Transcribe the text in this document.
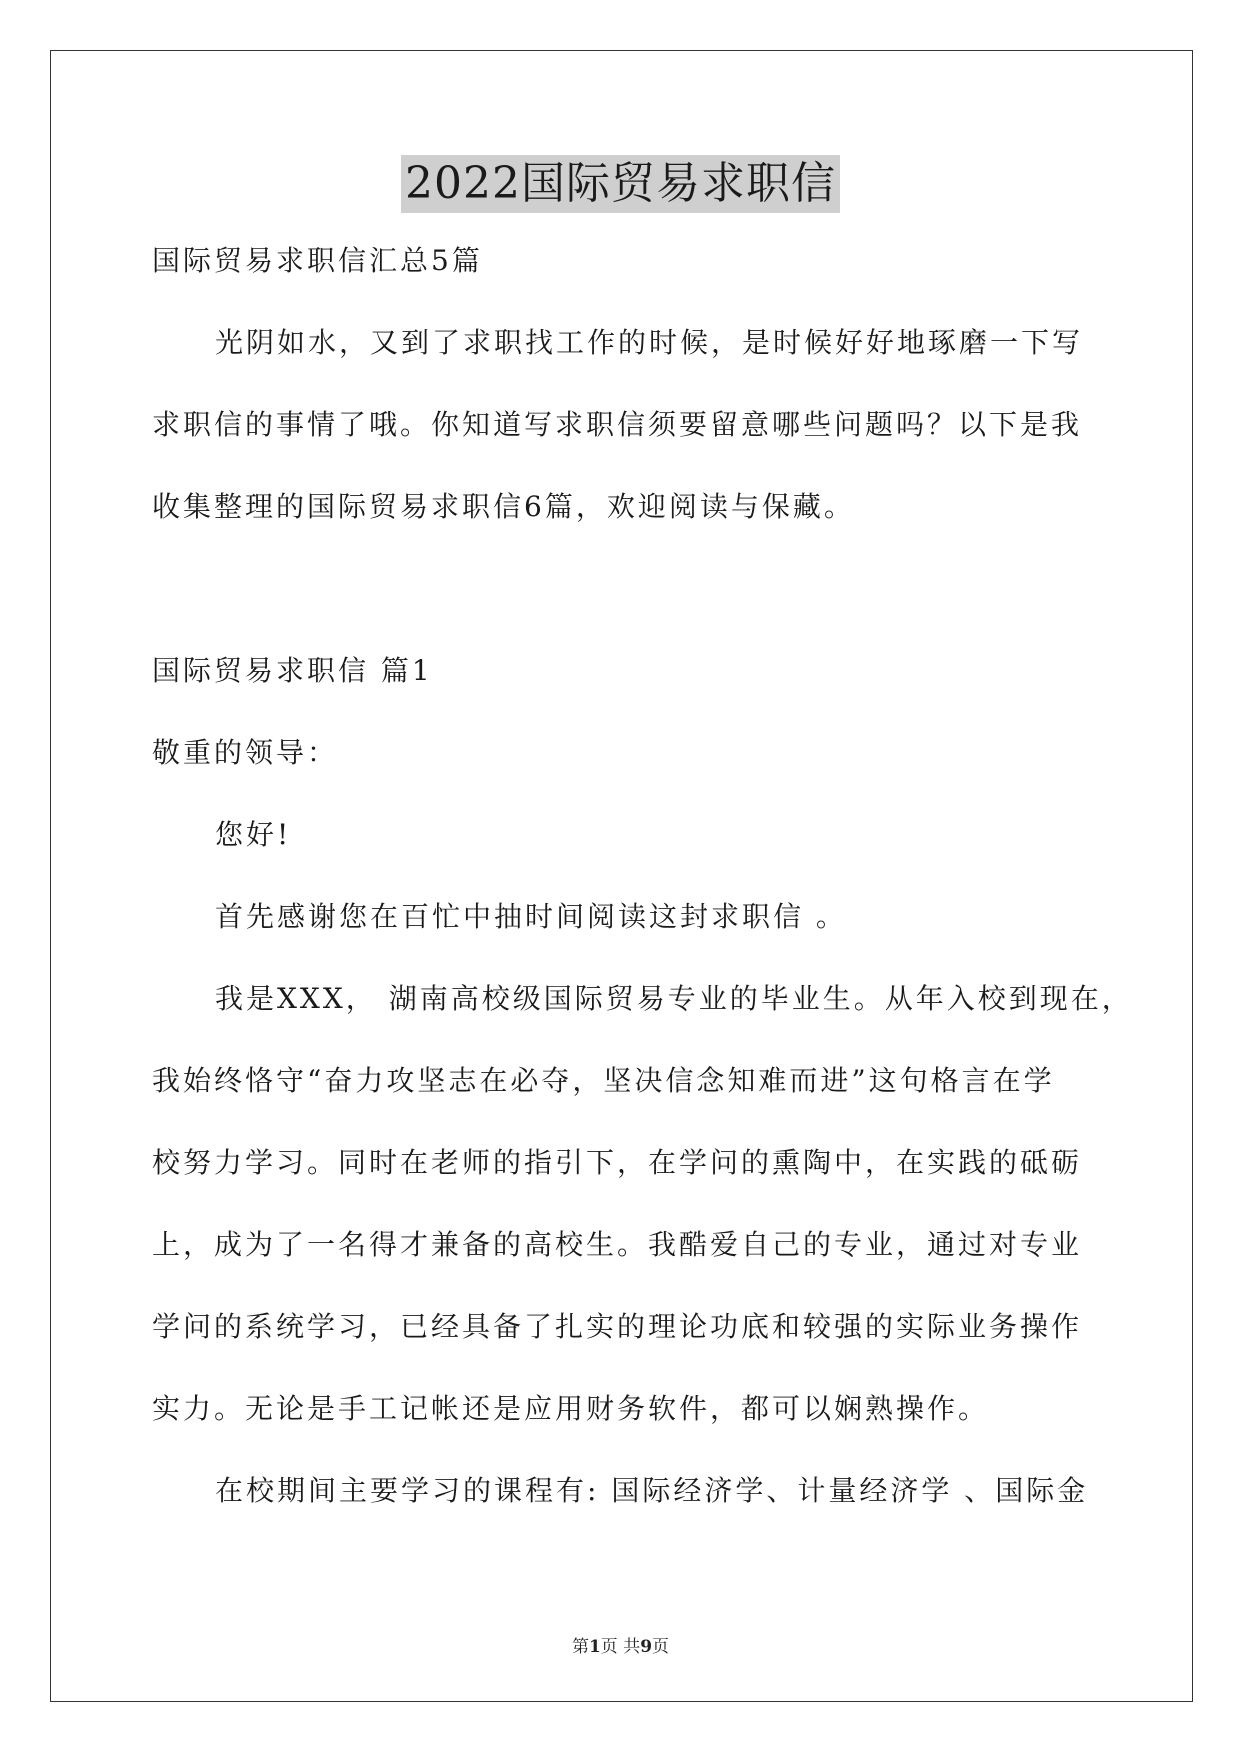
2022国际贸易求职信
国际贸易求职信汇总5篇
光阴如水，又到了求职找工作的时候，是时候好好地琢磨一下写
求职信的事情了哦。你知道写求职信须要留意哪些问题吗？以下是我
收集整理的国际贸易求职信6篇，欢迎阅读与保藏。
国际贸易求职信 篇1
敬重的领导：
您好!
首先感谢您在百忙中抽时间阅读这封求职信 。
我是XXX， 湖南高校级国际贸易专业的毕业生。从年入校到现在，
我始终恪守“奋力攻坚志在必夺，坚决信念知难而进”这句格言在学
校努力学习。同时在老师的指引下，在学问的熏陶中，在实践的砥砺
上，成为了一名得才兼备的高校生。我酷爱自己的专业，通过对专业
学问的系统学习，已经具备了扎实的理论功底和较强的实际业务操作
实力。无论是手工记帐还是应用财务软件，都可以娴熟操作。
在校期间主要学习的课程有: 国际经济学、计量经济学 、国际金
第1页 共9页
